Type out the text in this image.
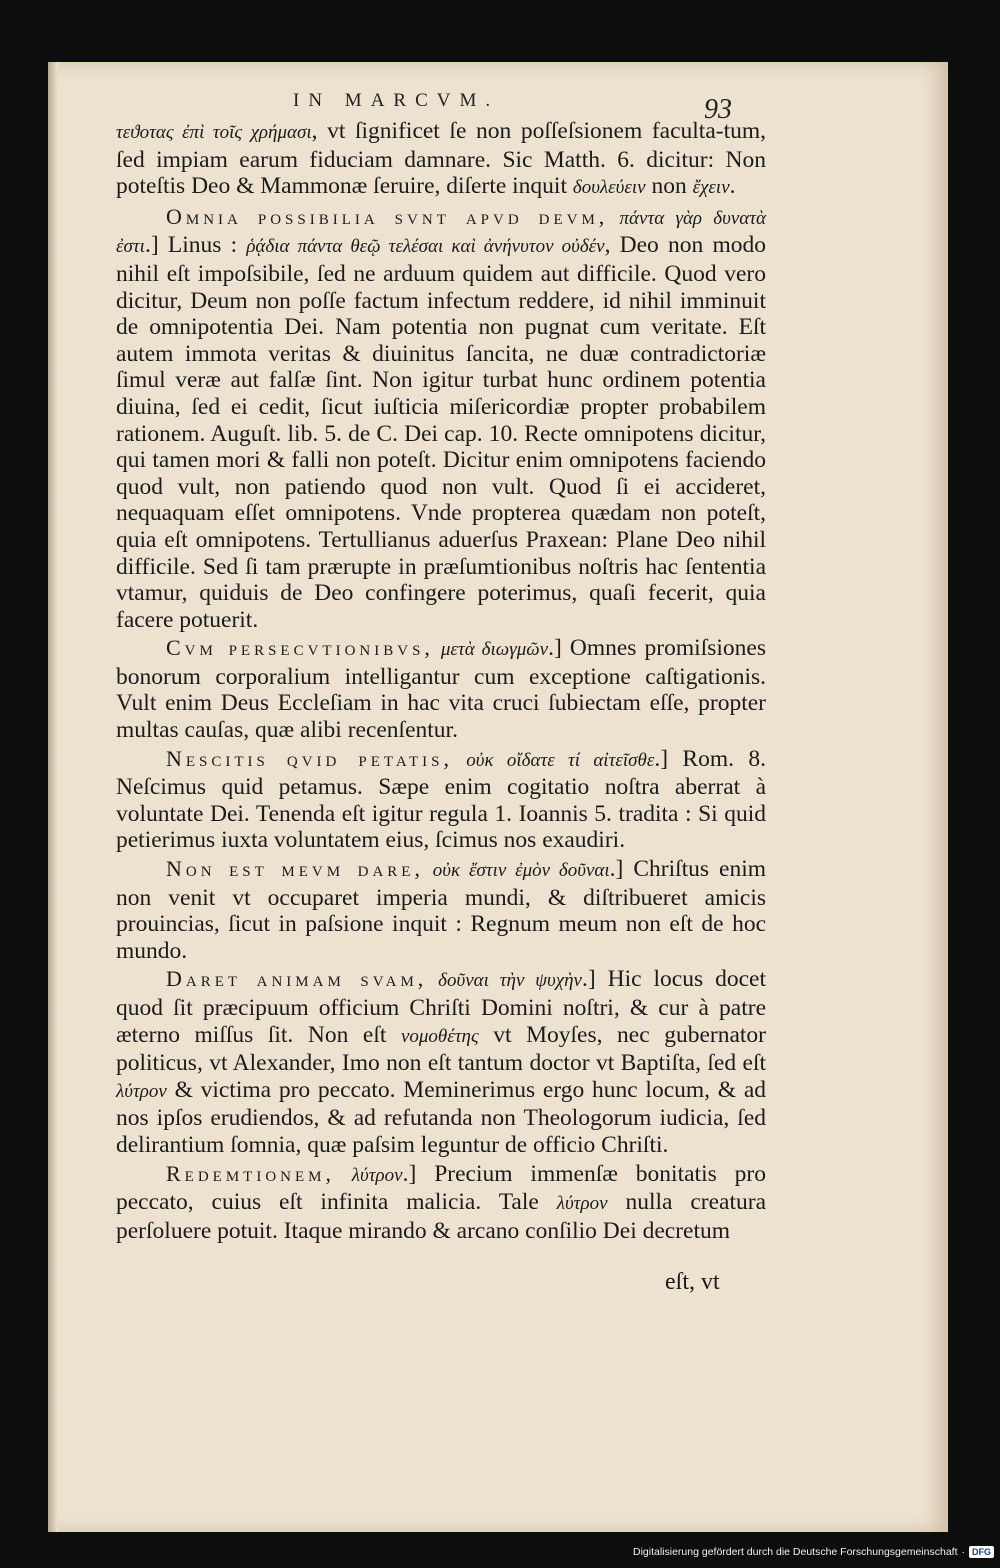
IN MARCVM.	93

τεϑοτας ἐπὶ τοῖς χρήμασι, vt ſignificet ſe non poſſeſsionem faculta-tum, ſed impiam earum fiduciam damnare. Sic Matth. 6. dicitur: Non poteſtis Deo & Mammonæ ſeruire, diſerte inquit δουλεύειν non ἔχειν.

Omnia possibilia svnt apvd devm, πάντα γὰρ δυνατὰ ἐστι.] Linus : ῥᾴδια πάντα θεῷ τελέσαι καὶ ἀνήνυτον οὐδέν, Deo non modo nihil eſt impoſsibile, ſed ne arduum quidem aut difficile. Quod vero dicitur, Deum non poſſe factum infectum reddere, id nihil imminuit de omnipotentia Dei. Nam potentia non pugnat cum veritate. Eſt autem immota veritas & diuinitus ſancita, ne duæ contradictoriæ ſimul veræ aut falſæ ſint. Non igitur turbat hunc ordinem potentia diuina, ſed ei cedit, ſicut iuſticia miſericordiæ propter probabilem rationem. Auguſt. lib. 5. de C. Dei cap. 10. Recte omnipotens dicitur, qui tamen mori & falli non poteſt. Dicitur enim omnipotens faciendo quod vult, non patiendo quod non vult. Quod ſi ei accideret, nequaquam eſſet omnipotens. Vnde propterea quædam non poteſt, quia eſt omnipotens. Tertullianus aduerſus Praxean: Plane Deo nihil difficile. Sed ſi tam prærupte in præſumtionibus noſtris hac ſententia vtamur, quiduis de Deo confingere poterimus, quaſi fecerit, quia facere potuerit.

Cvm persecvtionibvs, μετὰ διωγμῶν.] Omnes promiſsiones bonorum corporalium intelligantur cum exceptione caſtigationis. Vult enim Deus Eccleſiam in hac vita cruci ſubiectam eſſe, propter multas cauſas, quæ alibi recenſentur.

Nescitis qvid petatis, οὐκ οἴδατε τί αἰτεῖσθε.] Rom. 8. Neſcimus quid petamus. Sæpe enim cogitatio noſtra aberrat à voluntate Dei. Tenenda eſt igitur regula 1. Ioannis 5. tradita : Si quid petierimus iuxta voluntatem eius, ſcimus nos exaudiri.

Non est mevm dare, οὐκ ἔστιν ἐμὸν δοῦναι.] Chriſtus enim non venit vt occuparet imperia mundi, & diſtribueret amicis prouincias, ſicut in paſsione inquit : Regnum meum non eſt de hoc mundo.

Daret animam svam, δοῦναι τὴν ψυχὴν.] Hic locus docet quod ſit præcipuum officium Chriſti Domini noſtri, & cur à patre æterno miſſus ſit. Non eſt νομοθέτης vt Moyſes, nec gubernator politicus, vt Alexander, Imo non eſt tantum doctor vt Baptiſta, ſed eſt λύτρον & victima pro peccato. Meminerimus ergo hunc locum, & ad nos ipſos erudiendos, & ad refutanda non Theologorum iudicia, ſed delirantium ſomnia, quæ paſsim leguntur de officio Chriſti.

Redemtionem, λύτρον.] Precium immenſæ bonitatis pro peccato, cuius eſt infinita malicia. Tale λύτρον nulla creatura perſoluere potuit. Itaque mirando & arcano conſilio Dei decretum

eſt, vt
Digitalisierung gefördert durch die Deutsche Forschungsgemeinschaft · DFG
